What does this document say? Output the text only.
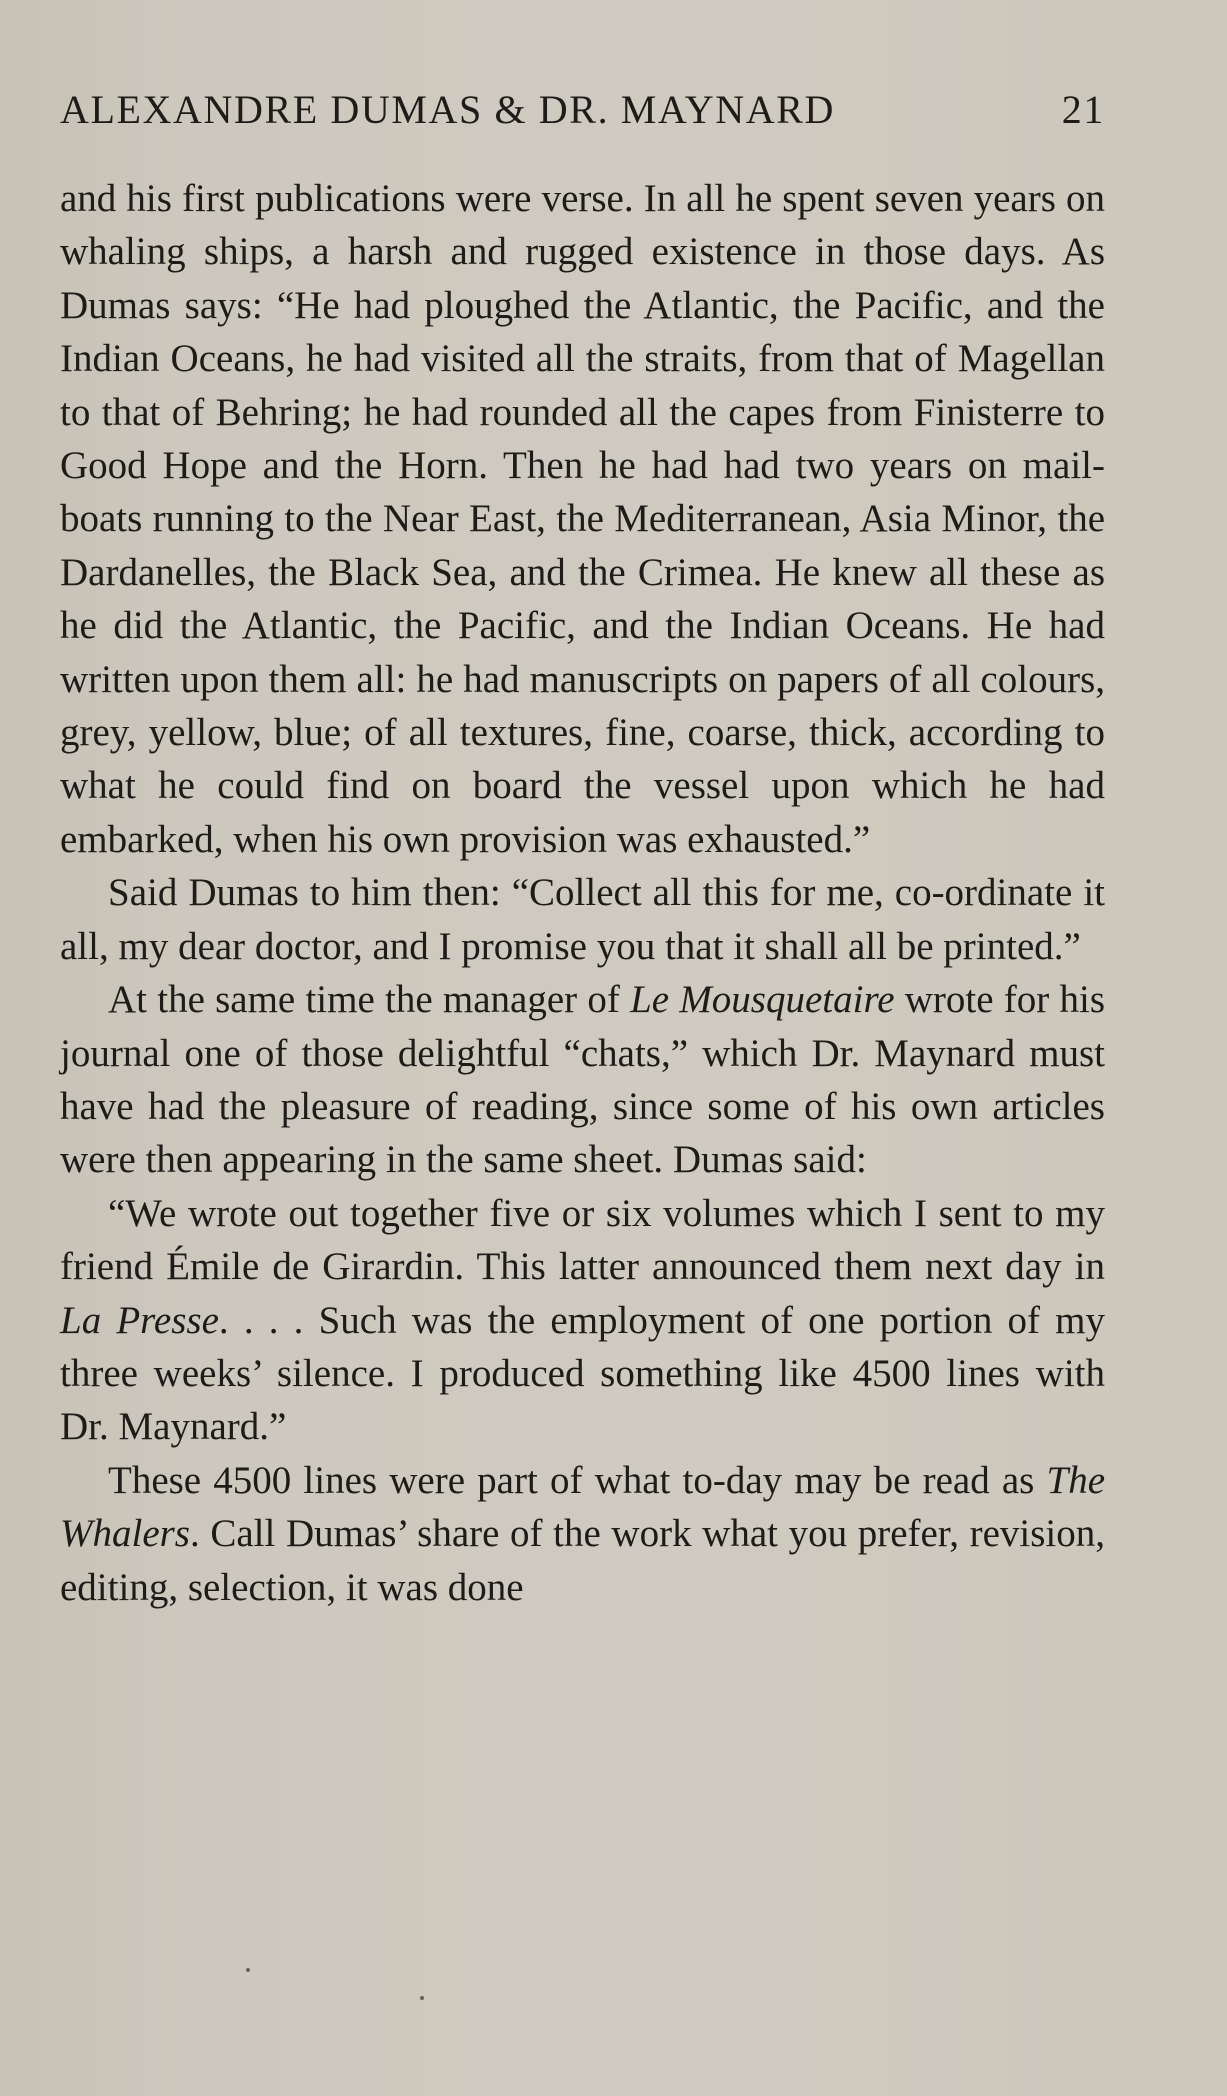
ALEXANDRE DUMAS & DR. MAYNARD	21

and his first publications were verse. In all he spent seven years on whaling ships, a harsh and rugged existence in those days. As Dumas says: “He had ploughed the Atlantic, the Pacific, and the Indian Oceans, he had visited all the straits, from that of Magellan to that of Behring; he had rounded all the capes from Finisterre to Good Hope and the Horn. Then he had had two years on mail-boats running to the Near East, the Mediterranean, Asia Minor, the Dardanelles, the Black Sea, and the Crimea. He knew all these as he did the Atlantic, the Pacific, and the Indian Oceans. He had written upon them all: he had manuscripts on papers of all colours, grey, yellow, blue; of all textures, fine, coarse, thick, according to what he could find on board the vessel upon which he had embarked, when his own provision was exhausted.”

Said Dumas to him then: “Collect all this for me, co-ordinate it all, my dear doctor, and I promise you that it shall all be printed.”

At the same time the manager of Le Mousquetaire wrote for his journal one of those delightful “chats,” which Dr. Maynard must have had the pleasure of reading, since some of his own articles were then appearing in the same sheet. Dumas said:

“We wrote out together five or six volumes which I sent to my friend Émile de Girardin. This latter announced them next day in La Presse. . . . Such was the employment of one portion of my three weeks’ silence. I produced something like 4500 lines with Dr. Maynard.”

These 4500 lines were part of what to-day may be read as The Whalers. Call Dumas’ share of the work what you prefer, revision, editing, selection, it was done
